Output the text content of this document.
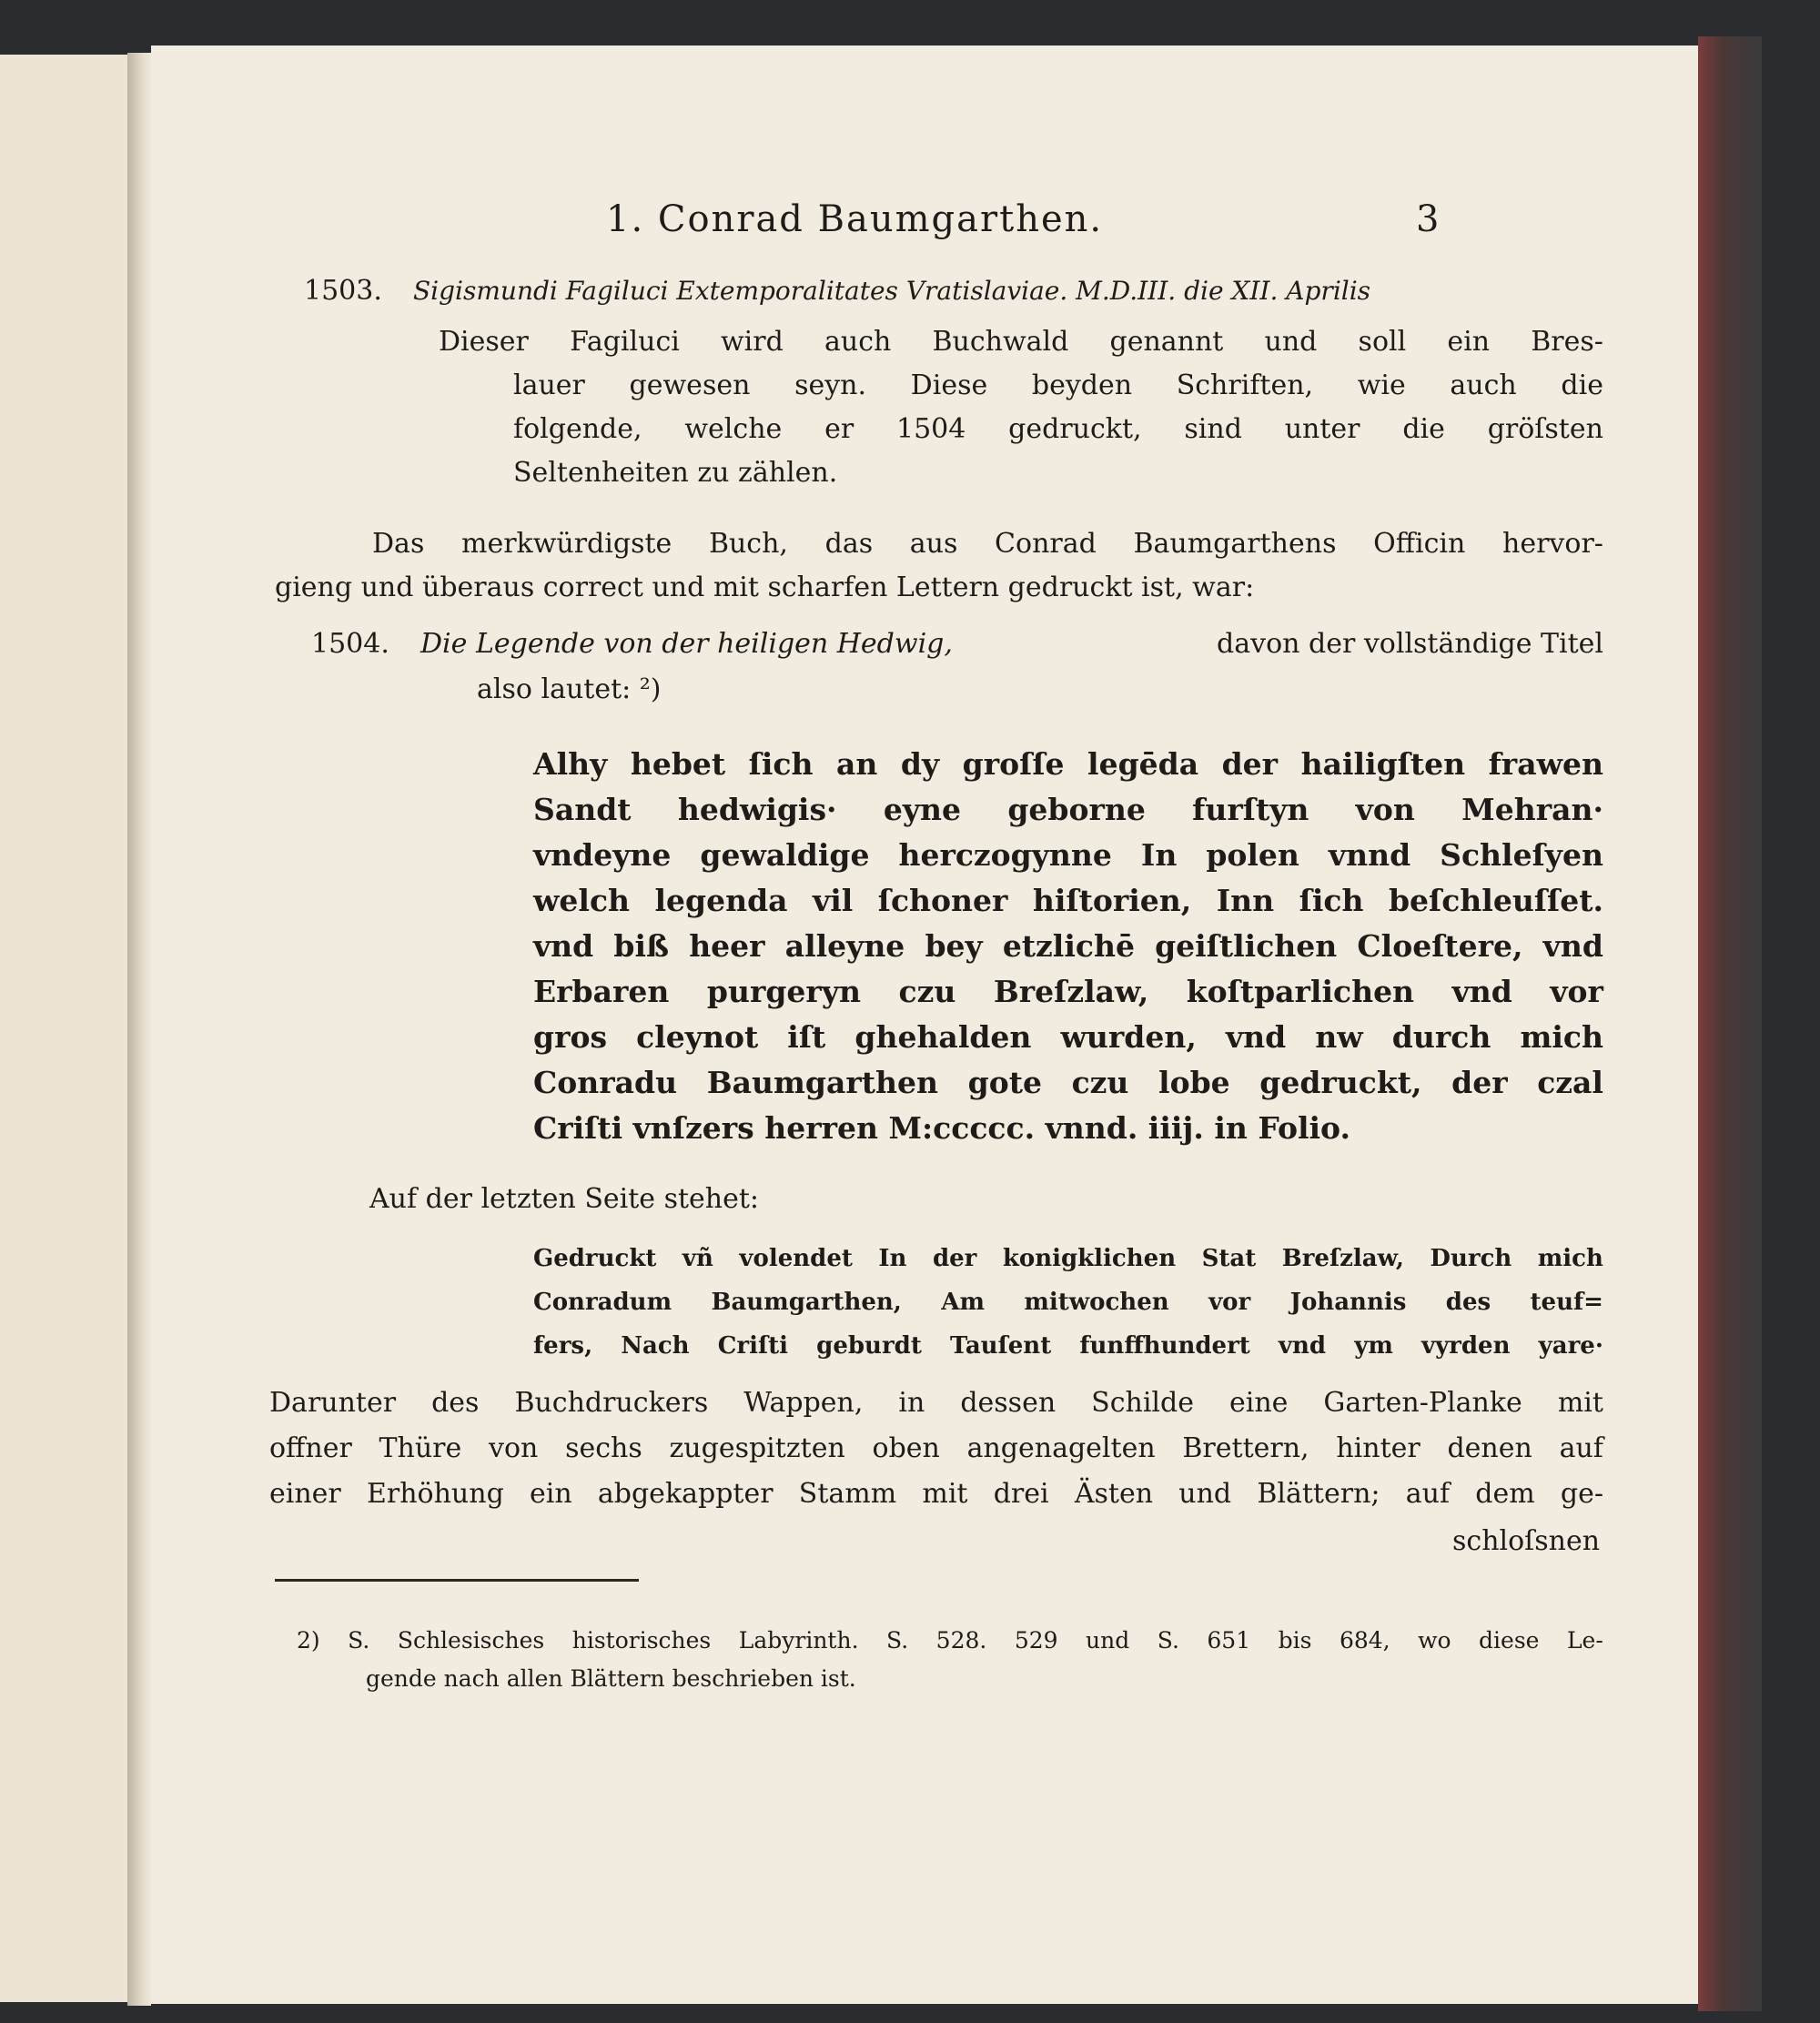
1. Conrad Baumgarthen.	3
1503. Sigismundi Fagiluci Extemporalitates Vratislaviae. M.D.III. die XII. Aprilis
Dieser Fagiluci wird auch Buchwald genannt und soll ein Bres-
lauer gewesen seyn. Diese beyden Schriften, wie auch die
folgende, welche er 1504 gedruckt, sind unter die gröſsten
Seltenheiten zu zählen.
Das merkwürdigste Buch, das aus Conrad Baumgarthens Officin hervor-
gieng und überaus correct und mit scharfen Lettern gedruckt ist, war:
1504.	Die Legende von der heiligen Hedwig,	davon der vollständige Titel
also lautet: ²)
Alhy hebet ſich an dy groſſe legēda der hailigſten frawen
Sandt hedwigis· eyne geborne furſtyn von Mehran·
vndeyne gewaldige herczogynne In polen vnnd Schleſyen
welch legenda vil ſchoner hiſtorien, Inn ſich beſchleuſſet.
vnd biß heer alleyne bey etzlichē geiſtlichen Cloeſtere, vnd
Erbaren purgeryn czu Breſzlaw, koſtparlichen vnd vor
gros cleynot iſt ghehalden wurden, vnd nw durch mich
Conradu Baumgarthen gote czu lobe gedruckt, der czal
Criſti vnſzers herren M:ccccc. vnnd. iiij. in Folio.
Auf der letzten Seite stehet:
Gedruckt vñ volendet In der konigklichen Stat Breſzlaw, Durch mich
Conradum Baumgarthen, Am mitwochen vor Johannis des teuf=
fers, Nach Criſti geburdt Tauſent funffhundert vnd ym vyrden yare·
Darunter des Buchdruckers Wappen, in dessen Schilde eine Garten-Planke mit
offner Thüre von sechs zugespitzten oben angenagelten Brettern, hinter denen auf
einer Erhöhung ein abgekappter Stamm mit drei Ästen und Blättern; auf dem ge-
schloſsnen
2) S. Schlesisches historisches Labyrinth. S. 528. 529 und S. 651 bis 684, wo diese Le-
gende nach allen Blättern beschrieben ist.
